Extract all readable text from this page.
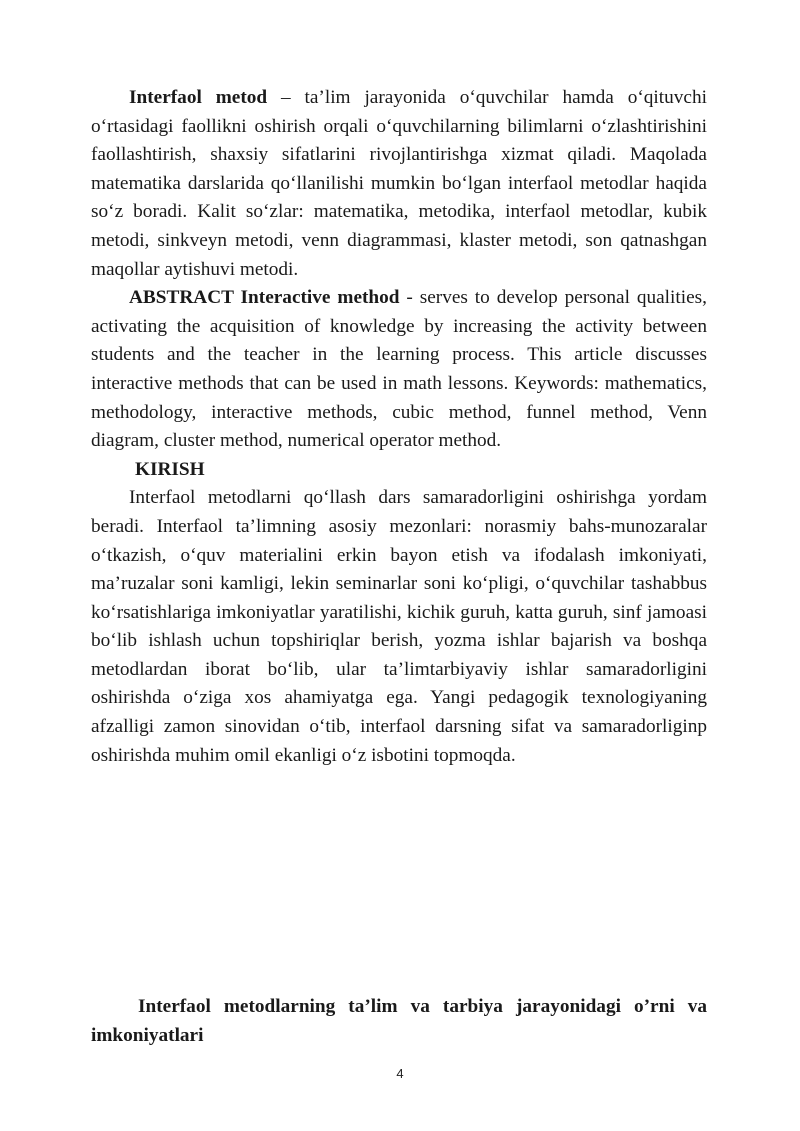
Interfaol metod – ta’lim jarayonida o‘quvchilar hamda o‘qituvchi o‘rtasidagi faollikni oshirish orqali o‘quvchilarning bilimlarni o‘zlashtirishini faollashtirish, shaxsiy sifatlarini rivojlantirishga xizmat qiladi. Maqolada matematika darslarida qo‘llanilishi mumkin bo‘lgan interfaol metodlar haqida so‘z boradi. Kalit so‘zlar: matematika, metodika, interfaol metodlar, kubik metodi, sinkveyn metodi, venn diagrammasi, klaster metodi, son qatnashgan maqollar aytishuvi metodi.

ABSTRACT Interactive method - serves to develop personal qualities, activating the acquisition of knowledge by increasing the activity between students and the teacher in the learning process. This article discusses interactive methods that can be used in math lessons. Keywords: mathematics, methodology, interactive methods, cubic method, funnel method, Venn diagram, cluster method, numerical operator method.

KIRISH

Interfaol metodlarni qo‘llash dars samaradorligini oshirishga yordam beradi. Interfaol ta’limning asosiy mezonlari: norasmiy bahs-munozaralar o‘tkazish, o‘quv materialini erkin bayon etish va ifodalash imkoniyati, ma’ruzalar soni kamligi, lekin seminarlar soni ko‘pligi, o‘quvchilar tashabbus ko‘rsatishlariga imkoniyatlar yaratilishi, kichik guruh, katta guruh, sinf jamoasi bo‘lib ishlash uchun topshiriqlar berish, yozma ishlar bajarish va boshqa metodlardan iborat bo‘lib, ular ta’limtarbiyaviy ishlar samaradorligini oshirishda o‘ziga xos ahamiyatga ega. Yangi pedagogik texnologiyaning afzalligi zamon sinovidan o‘tib, interfaol darsning sifat va samaradorliginp oshirishda muhim omil ekanligi o‘z isbotini topmoqda.

Interfaol metodlarning ta’lim va tarbiya jarayonidagi o’rni va imkoniyatlari

4
